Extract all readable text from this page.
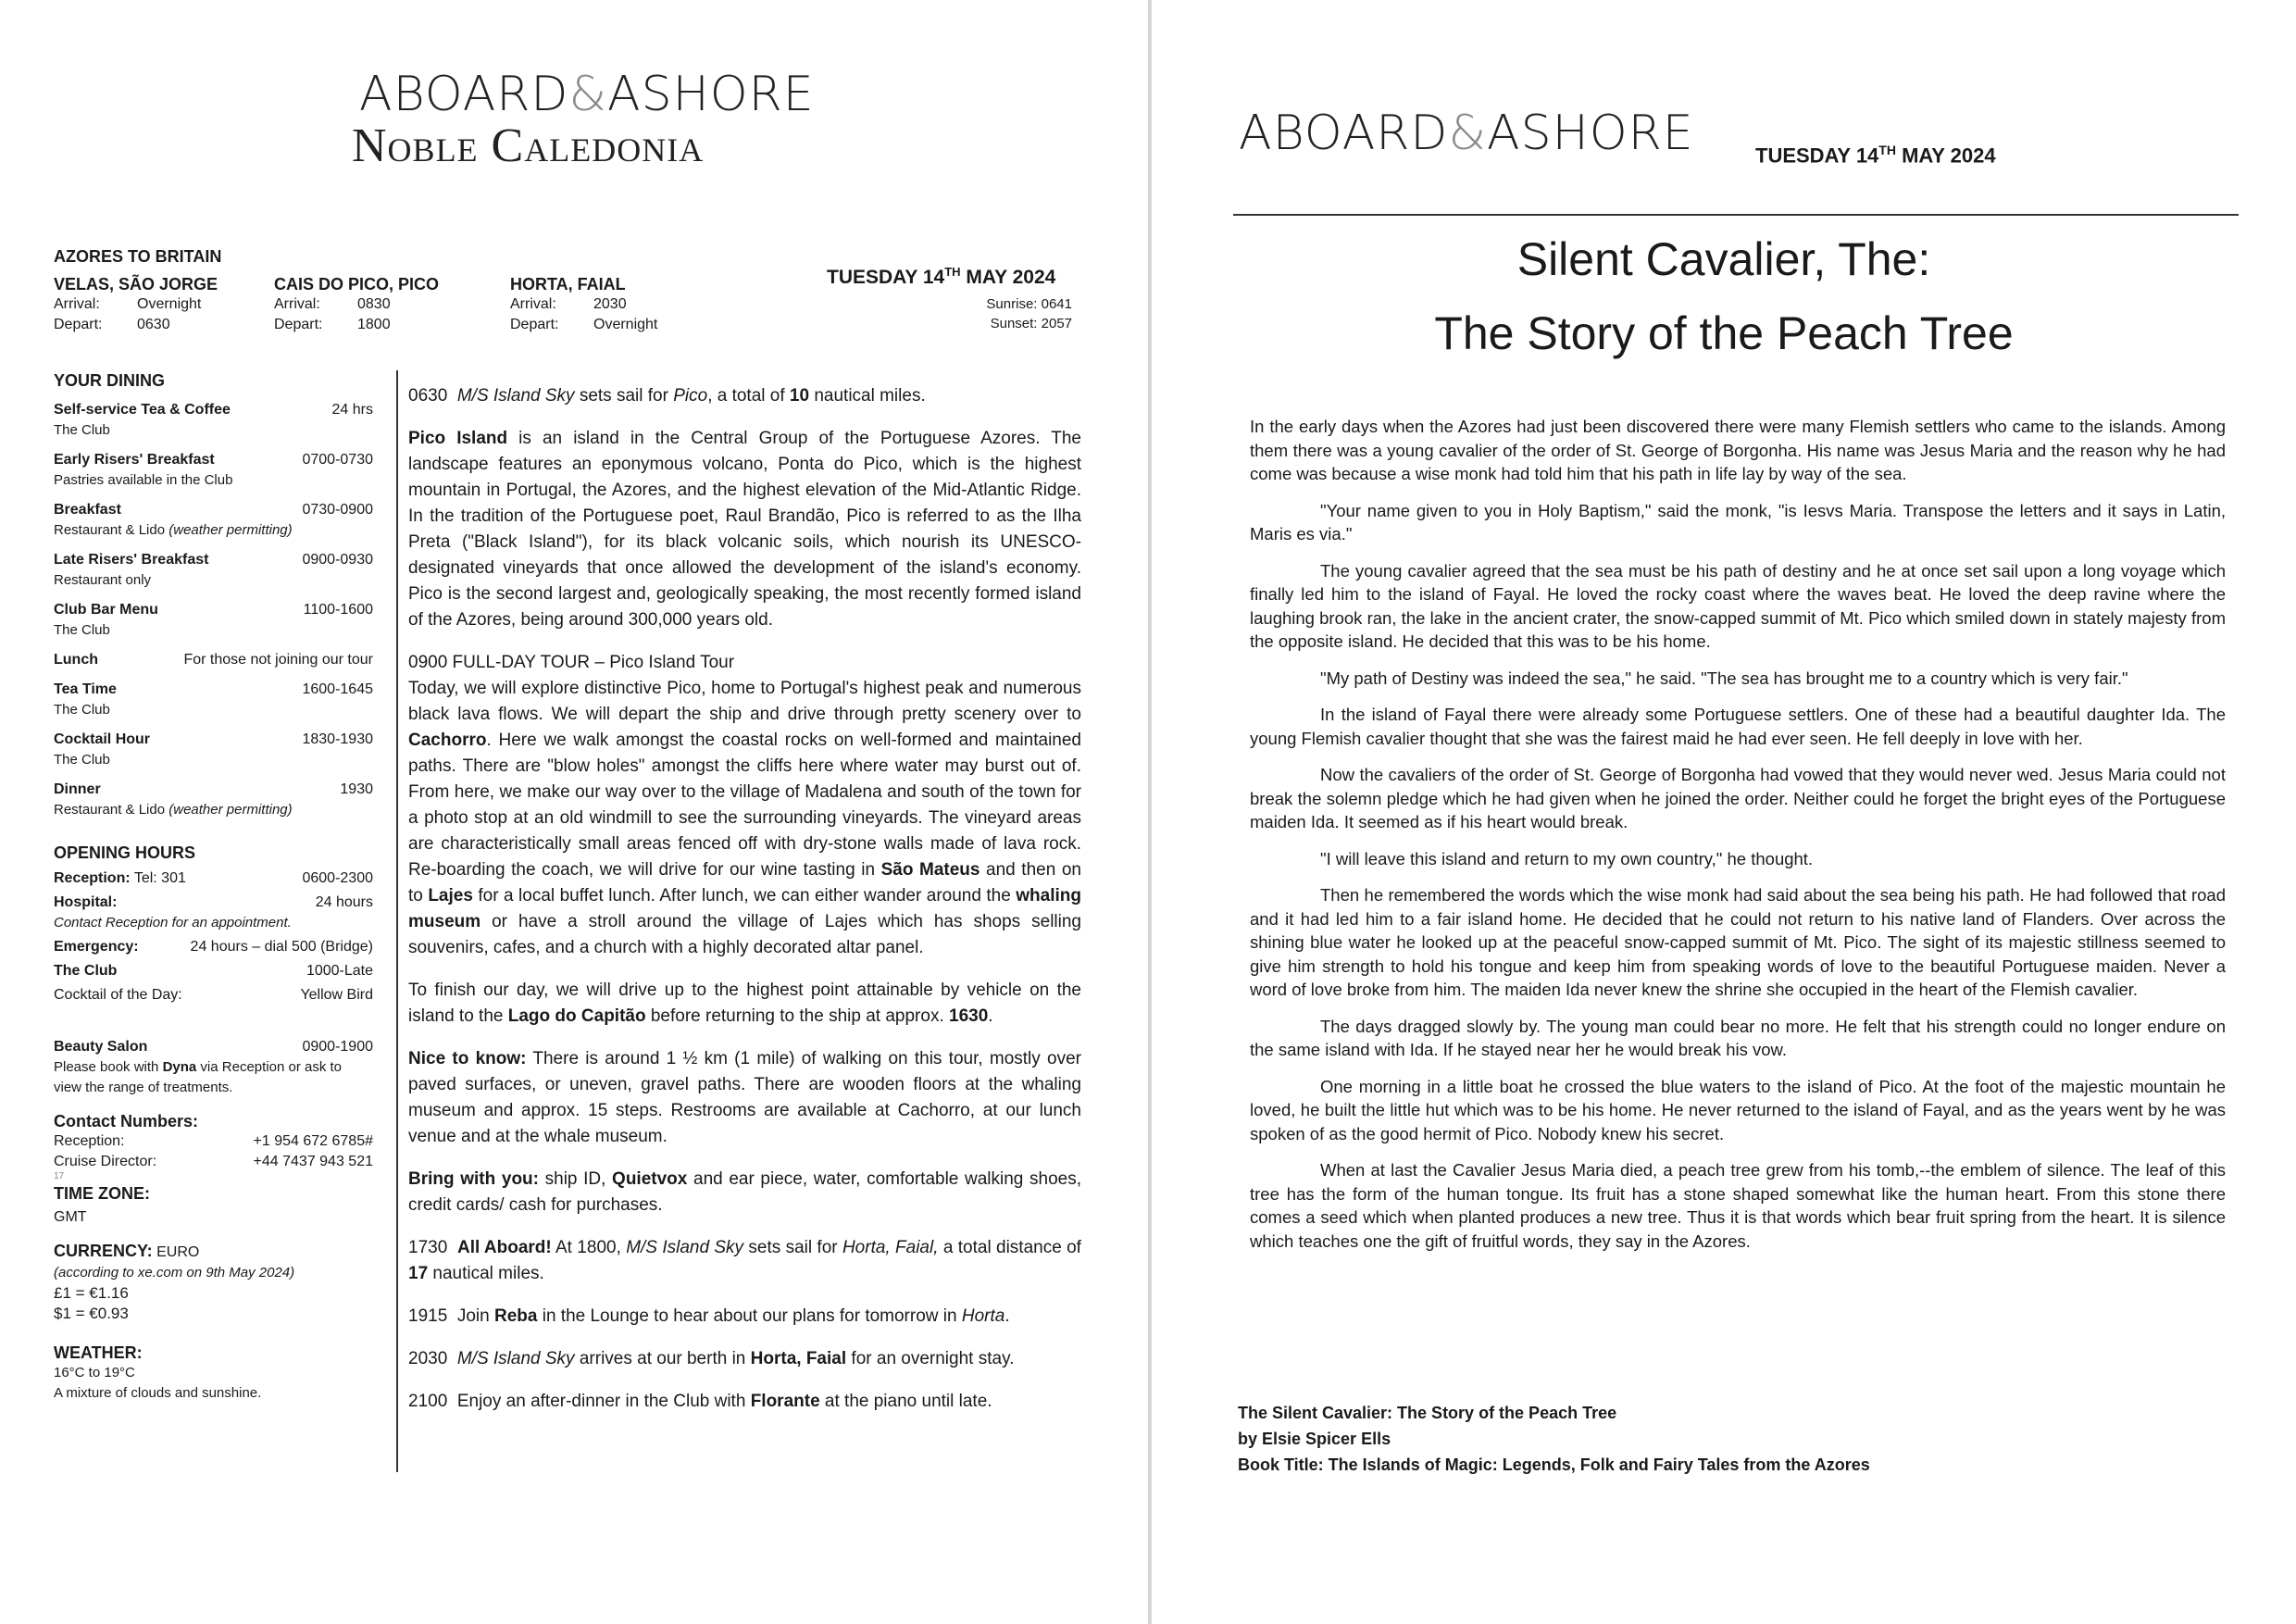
ABOARD&ASHORE
Noble Caledonia
AZORES TO BRITAIN
VELAS, SÃO JORGE
Arrival:	Overnight
Depart:	0630
CAIS DO PICO, PICO
Arrival:	0830
Depart:	1800
HORTA, FAIAL
Arrival:	2030
Depart:	Overnight
TUESDAY 14TH MAY 2024
Sunrise: 0641
Sunset: 2057
YOUR DINING
Self-service Tea & Coffee	24 hrs
The Club
Early Risers' Breakfast	0700-0730
Pastries available in the Club
Breakfast	0730-0900
Restaurant & Lido (weather permitting)
Late Risers' Breakfast	0900-0930
Restaurant only
Club Bar Menu	1100-1600
The Club
Lunch	For those not joining our tour
Tea Time	1600-1645
The Club
Cocktail Hour	1830-1930
The Club
Dinner	1930
Restaurant & Lido (weather permitting)
OPENING HOURS
Reception: Tel: 301	0600-2300
Hospital:	24 hours
Contact Reception for an appointment.
Emergency:	24 hours – dial 500 (Bridge)
The Club	1000-Late
Cocktail of the Day:	Yellow Bird
Beauty Salon	0900-1900
Please book with Dyna via Reception or ask to view the range of treatments.
Contact Numbers:
Reception:	+1 954 672 6785#
Cruise Director:	+44 7437 943 521
17
TIME ZONE:
GMT
CURRENCY: EURO
(according to xe.com on 9th May 2024)
£1 = €1.16
$1 = €0.93
WEATHER:
16°C to 19°C
A mixture of clouds and sunshine.

0630 M/S Island Sky sets sail for Pico, a total of 10 nautical miles.

Pico Island is an island in the Central Group of the Portuguese Azores. The landscape features an eponymous volcano, Ponta do Pico, which is the highest mountain in Portugal, the Azores, and the highest elevation of the Mid-Atlantic Ridge. In the tradition of the Portuguese poet, Raul Brandão, Pico is referred to as the Ilha Preta ("Black Island"), for its black volcanic soils, which nourish its UNESCO-designated vineyards that once allowed the development of the island's economy. Pico is the second largest and, geologically speaking, the most recently formed island of the Azores, being around 300,000 years old.

0900 FULL-DAY TOUR – Pico Island Tour
Today, we will explore distinctive Pico, home to Portugal's highest peak and numerous black lava flows. We will depart the ship and drive through pretty scenery over to Cachorro. Here we walk amongst the coastal rocks on well-formed and maintained paths. There are "blow holes" amongst the cliffs here where water may burst out of. From here, we make our way over to the village of Madalena and south of the town for a photo stop at an old windmill to see the surrounding vineyards. The vineyard areas are characteristically small areas fenced off with dry-stone walls made of lava rock. Re-boarding the coach, we will drive for our wine tasting in São Mateus and then on to Lajes for a local buffet lunch. After lunch, we can either wander around the whaling museum or have a stroll around the village of Lajes which has shops selling souvenirs, cafes, and a church with a highly decorated altar panel.

To finish our day, we will drive up to the highest point attainable by vehicle on the island to the Lago do Capitão before returning to the ship at approx. 1630.

Nice to know: There is around 1 ½ km (1 mile) of walking on this tour, mostly over paved surfaces, or uneven, gravel paths. There are wooden floors at the whaling museum and approx. 15 steps. Restrooms are available at Cachorro, at our lunch venue and at the whale museum.

Bring with you: ship ID, Quietvox and ear piece, water, comfortable walking shoes, credit cards/ cash for purchases.

1730 All Aboard! At 1800, M/S Island Sky sets sail for Horta, Faial, a total distance of 17 nautical miles.

1915 Join Reba in the Lounge to hear about our plans for tomorrow in Horta.

2030 M/S Island Sky arrives at our berth in Horta, Faial for an overnight stay.

2100 Enjoy an after-dinner in the Club with Florante at the piano until late.

ABOARD&ASHORE	TUESDAY 14TH MAY 2024
Silent Cavalier, The:
The Story of the Peach Tree

In the early days when the Azores had just been discovered there were many Flemish settlers who came to the islands. Among them there was a young cavalier of the order of St. George of Borgonha. His name was Jesus Maria and the reason why he had come was because a wise monk had told him that his path in life lay by way of the sea.

"Your name given to you in Holy Baptism," said the monk, "is Iesvs Maria. Transpose the letters and it says in Latin, Maris es via."

The young cavalier agreed that the sea must be his path of destiny and he at once set sail upon a long voyage which finally led him to the island of Fayal. He loved the rocky coast where the waves beat. He loved the deep ravine where the laughing brook ran, the lake in the ancient crater, the snow-capped summit of Mt. Pico which smiled down in stately majesty from the opposite island. He decided that this was to be his home.

"My path of Destiny was indeed the sea," he said. "The sea has brought me to a country which is very fair."

In the island of Fayal there were already some Portuguese settlers. One of these had a beautiful daughter Ida. The young Flemish cavalier thought that she was the fairest maid he had ever seen. He fell deeply in love with her.

Now the cavaliers of the order of St. George of Borgonha had vowed that they would never wed. Jesus Maria could not break the solemn pledge which he had given when he joined the order. Neither could he forget the bright eyes of the Portuguese maiden Ida. It seemed as if his heart would break.

"I will leave this island and return to my own country," he thought.

Then he remembered the words which the wise monk had said about the sea being his path. He had followed that road and it had led him to a fair island home. He decided that he could not return to his native land of Flanders. Over across the shining blue water he looked up at the peaceful snow-capped summit of Mt. Pico. The sight of its majestic stillness seemed to give him strength to hold his tongue and keep him from speaking words of love to the beautiful Portuguese maiden. Never a word of love broke from him. The maiden Ida never knew the shrine she occupied in the heart of the Flemish cavalier.

The days dragged slowly by. The young man could bear no more. He felt that his strength could no longer endure on the same island with Ida. If he stayed near her he would break his vow.

One morning in a little boat he crossed the blue waters to the island of Pico. At the foot of the majestic mountain he loved, he built the little hut which was to be his home. He never returned to the island of Fayal, and as the years went by he was spoken of as the good hermit of Pico. Nobody knew his secret.

When at last the Cavalier Jesus Maria died, a peach tree grew from his tomb,--the emblem of silence. The leaf of this tree has the form of the human tongue. Its fruit has a stone shaped somewhat like the human heart. From this stone there comes a seed which when planted produces a new tree. Thus it is that words which bear fruit spring from the heart. It is silence which teaches one the gift of fruitful words, they say in the Azores.

The Silent Cavalier: The Story of the Peach Tree
by Elsie Spicer Ells
Book Title: The Islands of Magic: Legends, Folk and Fairy Tales from the Azores
